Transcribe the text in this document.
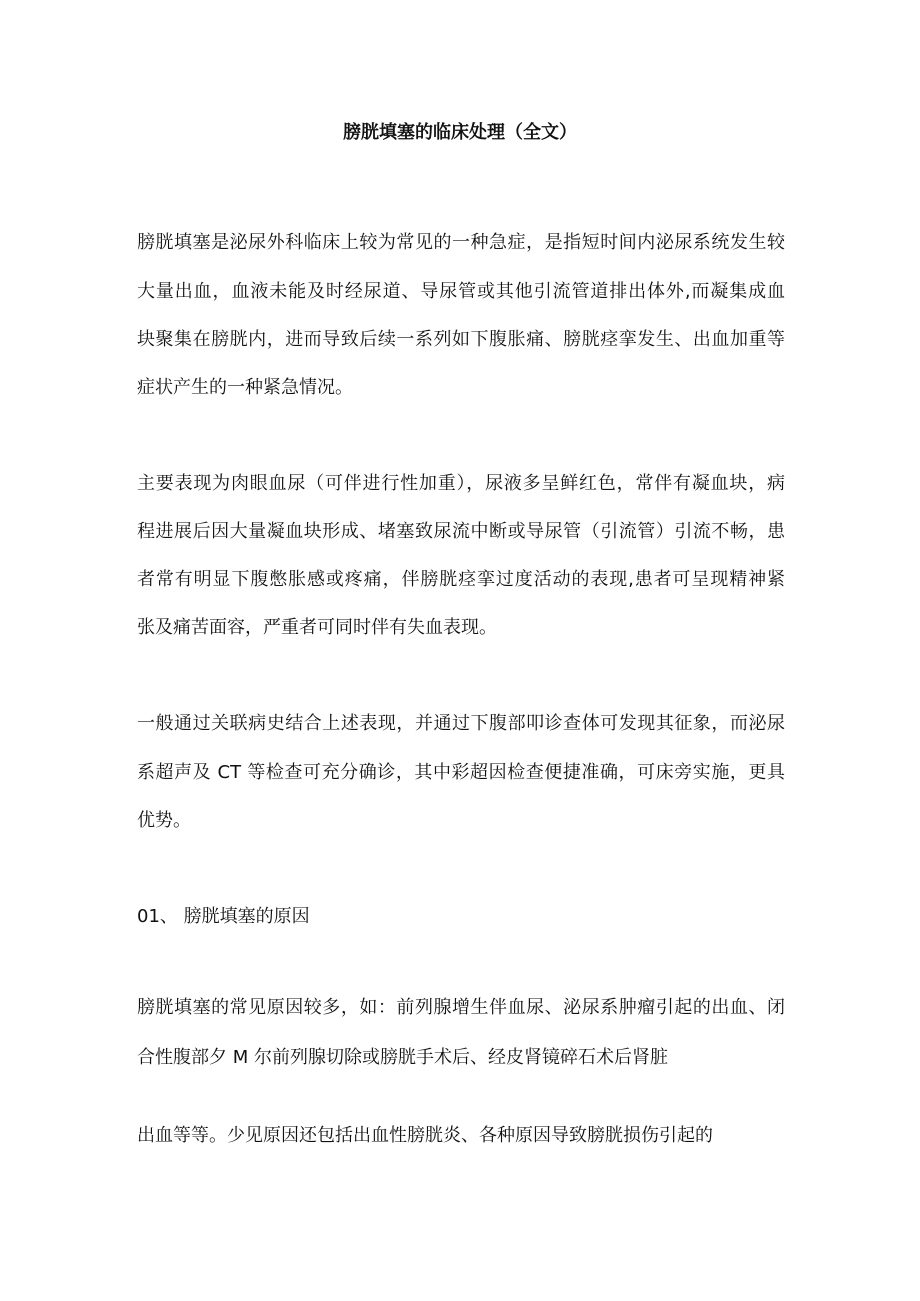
膀胱填塞的临床处理（全文）
膀胱填塞是泌尿外科临床上较为常见的一种急症，是指短时间内泌尿系统发生较
大量出血，血液未能及时经尿道、导尿管或其他引流管道排出体外,而凝集成血
块聚集在膀胱内，进而导致后续一系列如下腹胀痛、膀胱痉挛发生、出血加重等
症状产生的一种紧急情况。
主要表现为肉眼血尿（可伴进行性加重），尿液多呈鲜红色，常伴有凝血块，病
程进展后因大量凝血块形成、堵塞致尿流中断或导尿管（引流管）引流不畅，患
者常有明显下腹憋胀感或疼痛，伴膀胱痉挛过度活动的表现,患者可呈现精神紧
张及痛苦面容，严重者可同时伴有失血表现。
一般通过关联病史结合上述表现，并通过下腹部叩诊查体可发现其征象，而泌尿
系超声及 CT 等检查可充分确诊，其中彩超因检查便捷准确，可床旁实施，更具
优势。
01、 膀胱填塞的原因
膀胱填塞的常见原因较多，如：前列腺增生伴血尿、泌尿系肿瘤引起的出血、闭
合性腹部夕 M 尔前列腺切除或膀胱手术后、经皮肾镜碎石术后肾脏
出血等等。少见原因还包括出血性膀胱炎、各种原因导致膀胱损伤引起的
